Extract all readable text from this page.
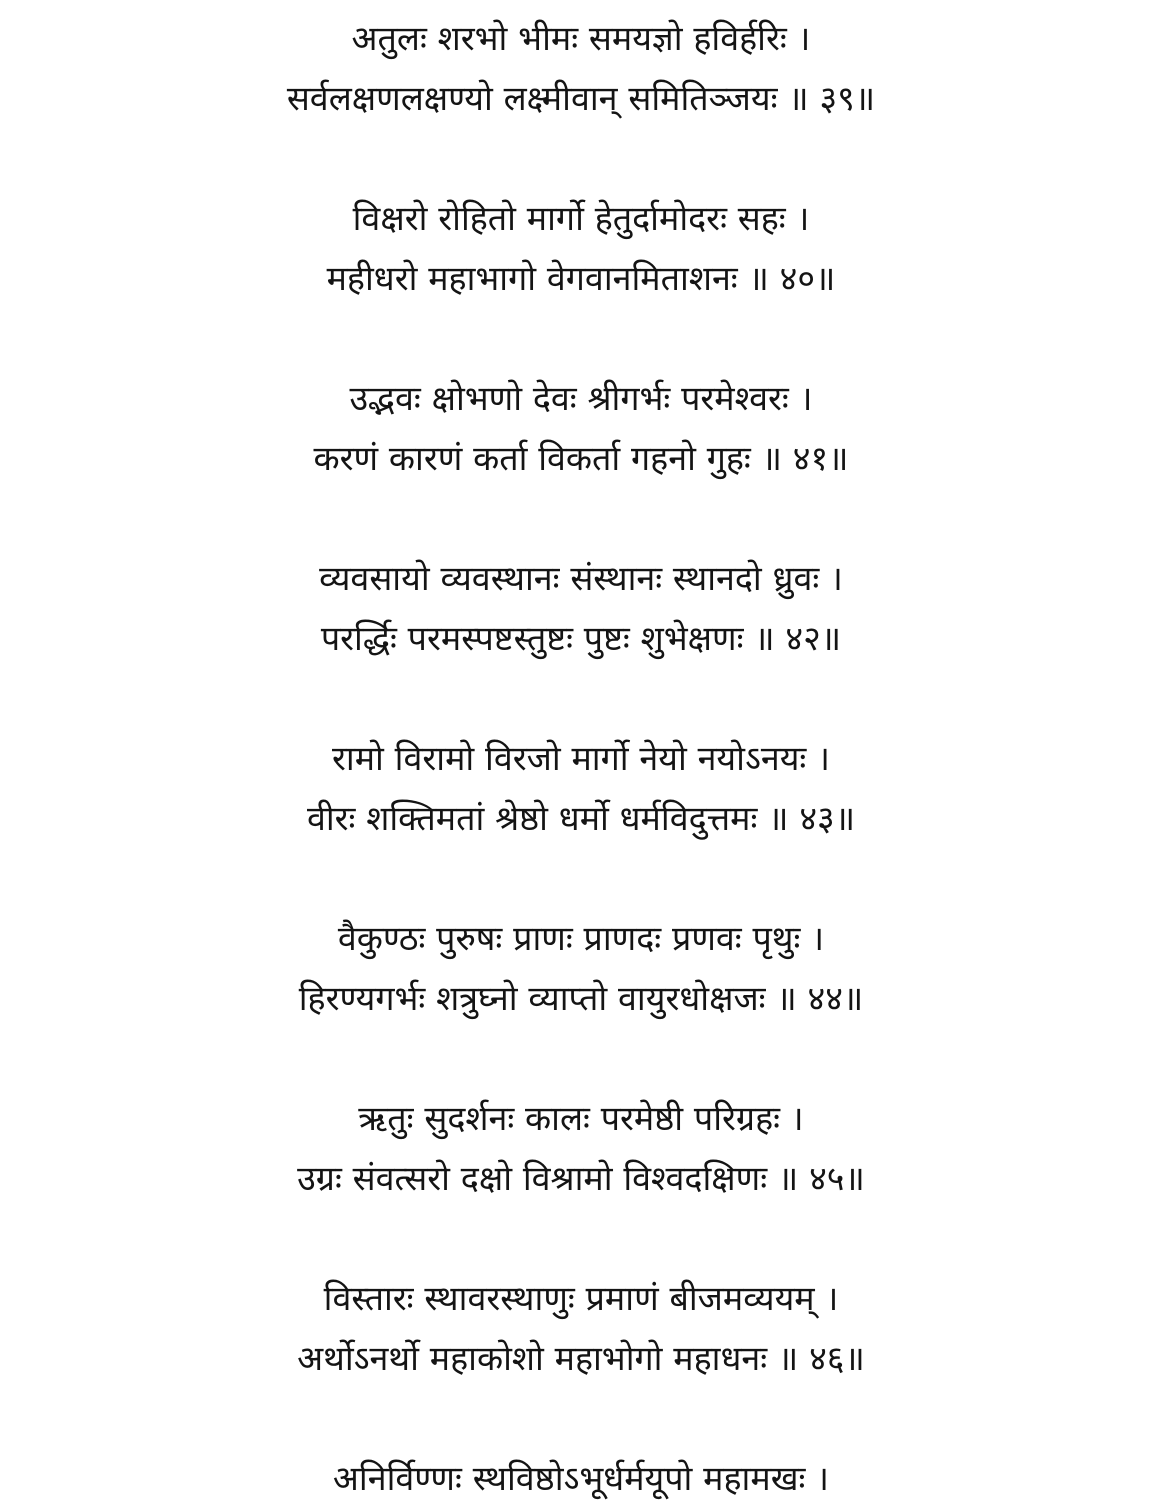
अतुलः शरभो भीमः समयज्ञो हविर्हरिः ।
सर्वलक्षणलक्षण्यो लक्ष्मीवान् समितिञ्जयः ॥ ३९॥
विक्षरो रोहितो मार्गो हेतुर्दामोदरः सहः ।
महीधरो महाभागो वेगवानमिताशनः ॥ ४०॥
उद्भवः क्षोभणो देवः श्रीगर्भः परमेश्वरः ।
करणं कारणं कर्ता विकर्ता गहनो गुहः ॥ ४१॥
व्यवसायो व्यवस्थानः संस्थानः स्थानदो ध्रुवः ।
परर्द्धिः परमस्पष्टस्तुष्टः पुष्टः शुभेक्षणः ॥ ४२॥
रामो विरामो विरजो मार्गो नेयो नयोऽनयः ।
वीरः शक्तिमतां श्रेष्ठो धर्मो धर्मविदुत्तमः ॥ ४३॥
वैकुण्ठः पुरुषः प्राणः प्राणदः प्रणवः पृथुः ।
हिरण्यगर्भः शत्रुघ्नो व्याप्तो वायुरधोक्षजः ॥ ४४॥
ऋतुः सुदर्शनः कालः परमेष्ठी परिग्रहः ।
उग्रः संवत्सरो दक्षो विश्रामो विश्वदक्षिणः ॥ ४५॥
विस्तारः स्थावरस्थाणुः प्रमाणं बीजमव्ययम् ।
अर्थोऽनर्थो महाकोशो महाभोगो महाधनः ॥ ४६॥
अनिर्विण्णः स्थविष्ठोऽभूर्धर्मयूपो महामखः ।
